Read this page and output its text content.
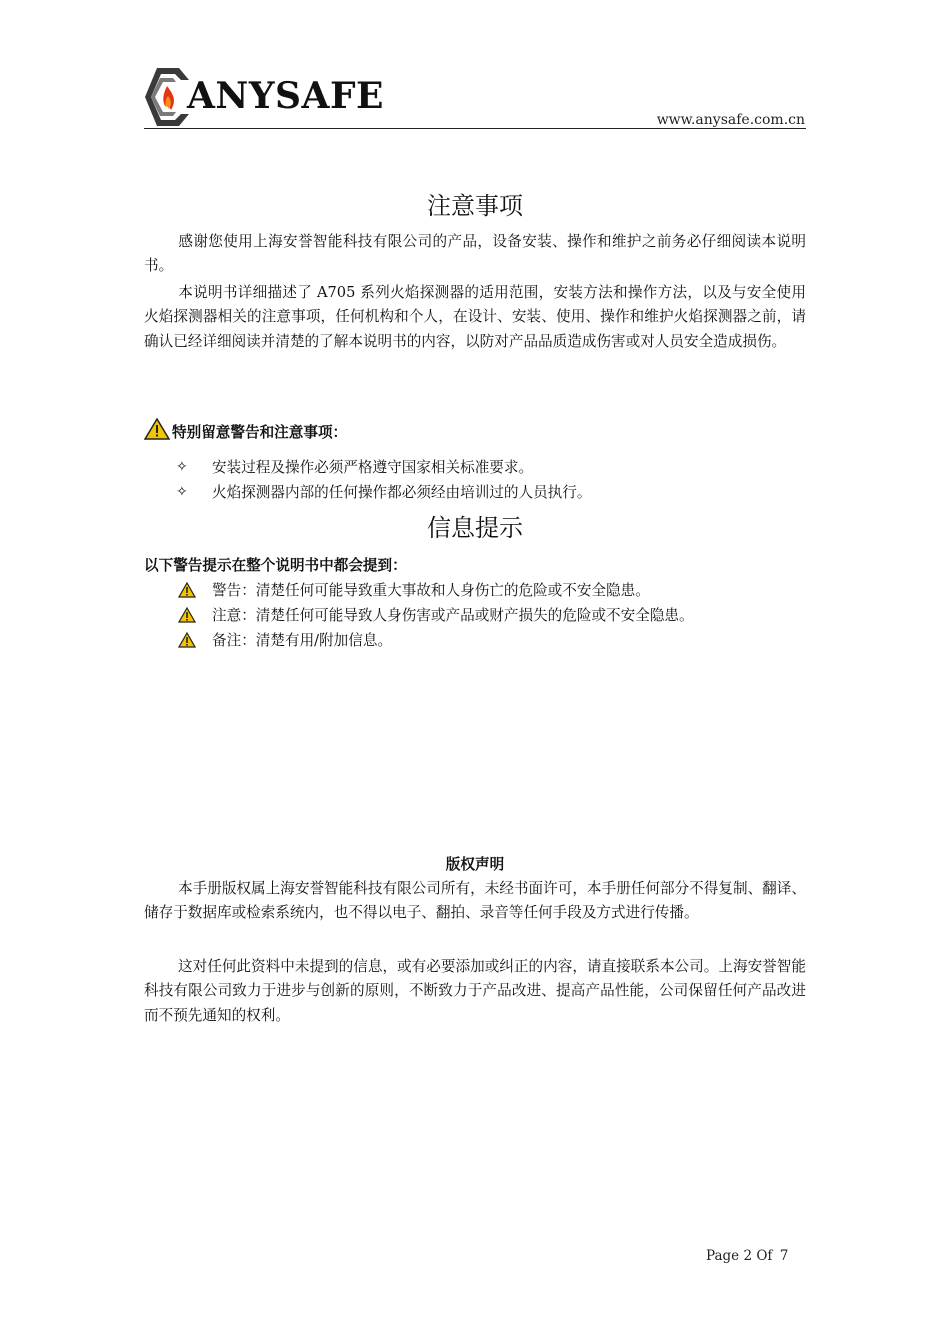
ANYSAFE
www.anysafe.com.cn
注意事项

感谢您使用上海安誉智能科技有限公司的产品，设备安装、操作和维护之前务必仔细阅读本说明书。

本说明书详细描述了 A705 系列火焰探测器的适用范围，安装方法和操作方法，以及与安全使用火焰探测器相关的注意事项，任何机构和个人，在设计、安装、使用、操作和维护火焰探测器之前，请确认已经详细阅读并清楚的了解本说明书的内容，以防对产品品质造成伤害或对人员安全造成损伤。

特别留意警告和注意事项：
✧	安装过程及操作必须严格遵守国家相关标准要求。
✧	火焰探测器内部的任何操作都必须经由培训过的人员执行。
信息提示
以下警告提示在整个说明书中都会提到：
警告：清楚任何可能导致重大事故和人身伤亡的危险或不安全隐患。
注意：清楚任何可能导致人身伤害或产品或财产损失的危险或不安全隐患。
备注：清楚有用/附加信息。
版权声明

本手册版权属上海安誉智能科技有限公司所有，未经书面许可，本手册任何部分不得复制、翻译、储存于数据库或检索系统内，也不得以电子、翻拍、录音等任何手段及方式进行传播。

这对任何此资料中未提到的信息，或有必要添加或纠正的内容，请直接联系本公司。上海安誉智能科技有限公司致力于进步与创新的原则，不断致力于产品改进、提高产品性能，公司保留任何产品改进而不预先通知的权利。

Page 2 Of 7
